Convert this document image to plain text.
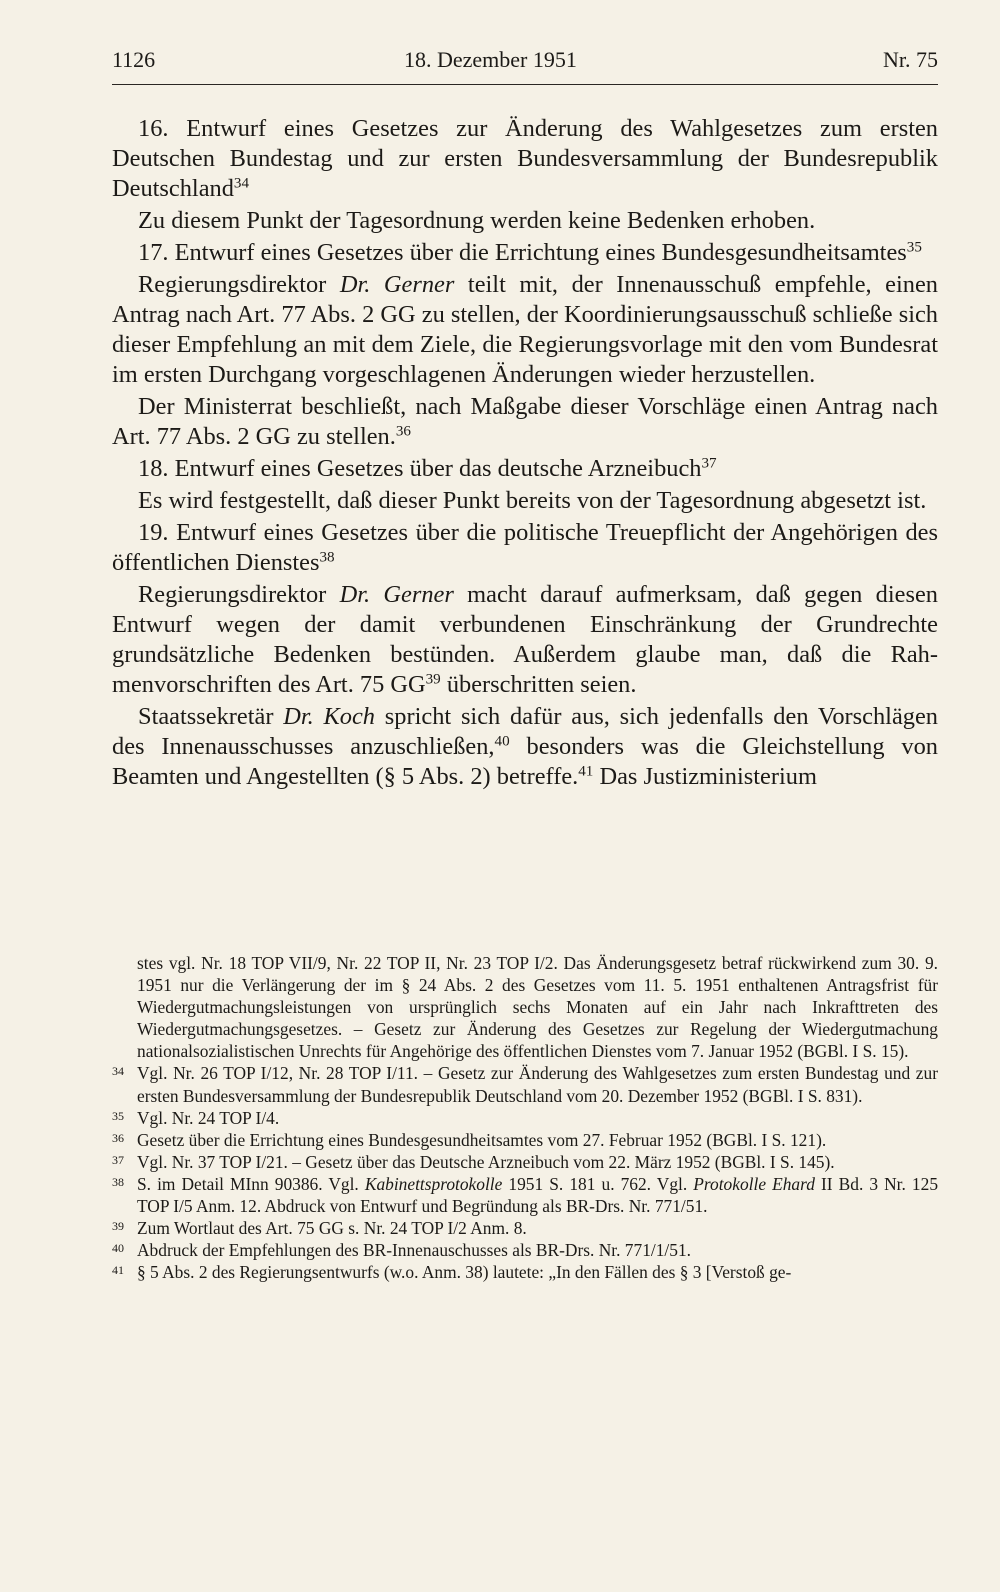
1126	18. Dezember 1951	Nr. 75

16. Entwurf eines Gesetzes zur Änderung des Wahlgesetzes zum ersten Deutschen Bundestag und zur ersten Bundesversammlung der Bundesrepublik Deutschland$^{34}$

Zu diesem Punkt der Tagesordnung werden keine Bedenken erhoben.

17. Entwurf eines Gesetzes über die Errichtung eines Bundesgesundheitsamtes$^{35}$

Regierungsdirektor Dr. Gerner teilt mit, der Innenausschuß empfehle, einen Antrag nach Art. 77 Abs. 2 GG zu stellen, der Koordinierungsausschuß schließe sich dieser Empfehlung an mit dem Ziele, die Regierungsvorlage mit den vom Bundesrat im ersten Durchgang vorgeschlagenen Änderungen wieder herzustellen.

Der Ministerrat beschließt, nach Maßgabe dieser Vorschläge einen Antrag nach Art. 77 Abs. 2 GG zu stellen.$^{36}$

18. Entwurf eines Gesetzes über das deutsche Arzneibuch$^{37}$

Es wird festgestellt, daß dieser Punkt bereits von der Tagesordnung abgesetzt ist.

19. Entwurf eines Gesetzes über die politische Treuepflicht der Angehörigen des öffentlichen Dienstes$^{38}$

Regierungsdirektor Dr. Gerner macht darauf aufmerksam, daß gegen diesen Entwurf wegen der damit verbundenen Einschränkung der Grundrechte grundsätzliche Bedenken bestünden. Außerdem glaube man, daß die Rahmenvorschriften des Art. 75 GG$^{39}$ überschritten seien.

Staatssekretär Dr. Koch spricht sich dafür aus, sich jedenfalls den Vorschlägen des Innenausschusses anzuschließen,$^{40}$ besonders was die Gleichstellung von Beamten und Angestellten (§ 5 Abs. 2) betreffe.$^{41}$ Das Justizministerium

stes vgl. Nr. 18 TOP VII/9, Nr. 22 TOP II, Nr. 23 TOP I/2. Das Änderungsgesetz betraf rückwirkend zum 30. 9. 1951 nur die Verlängerung der im § 24 Abs. 2 des Gesetzes vom 11. 5. 1951 enthaltenen Antragsfrist für Wiedergutmachungsleistungen von ursprünglich sechs Monaten auf ein Jahr nach Inkrafttreten des Wiedergutmachungsgesetzes. – Gesetz zur Änderung des Gesetzes zur Regelung der Wiedergutmachung nationalsozialistischen Unrechts für Angehörige des öffentlichen Dienstes vom 7. Januar 1952 (BGBl. I S. 15).
34 Vgl. Nr. 26 TOP I/12, Nr. 28 TOP I/11. – Gesetz zur Änderung des Wahlgesetzes zum ersten Bundestag und zur ersten Bundesversammlung der Bundesrepublik Deutschland vom 20. Dezember 1952 (BGBl. I S. 831).
35 Vgl. Nr. 24 TOP I/4.
36 Gesetz über die Errichtung eines Bundesgesundheitsamtes vom 27. Februar 1952 (BGBl. I S. 121).
37 Vgl. Nr. 37 TOP I/21. – Gesetz über das Deutsche Arzneibuch vom 22. März 1952 (BGBl. I S. 145).
38 S. im Detail MInn 90386. Vgl. Kabinettsprotokolle 1951 S. 181 u. 762. Vgl. Protokolle Ehard II Bd. 3 Nr. 125 TOP I/5 Anm. 12. Abdruck von Entwurf und Begründung als BR-Drs. Nr. 771/51.
39 Zum Wortlaut des Art. 75 GG s. Nr. 24 TOP I/2 Anm. 8.
40 Abdruck der Empfehlungen des BR-Innenauschusses als BR-Drs. Nr. 771/1/51.
41 § 5 Abs. 2 des Regierungsentwurfs (w.o. Anm. 38) lautete: „In den Fällen des § 3 [Verstoß ge-
